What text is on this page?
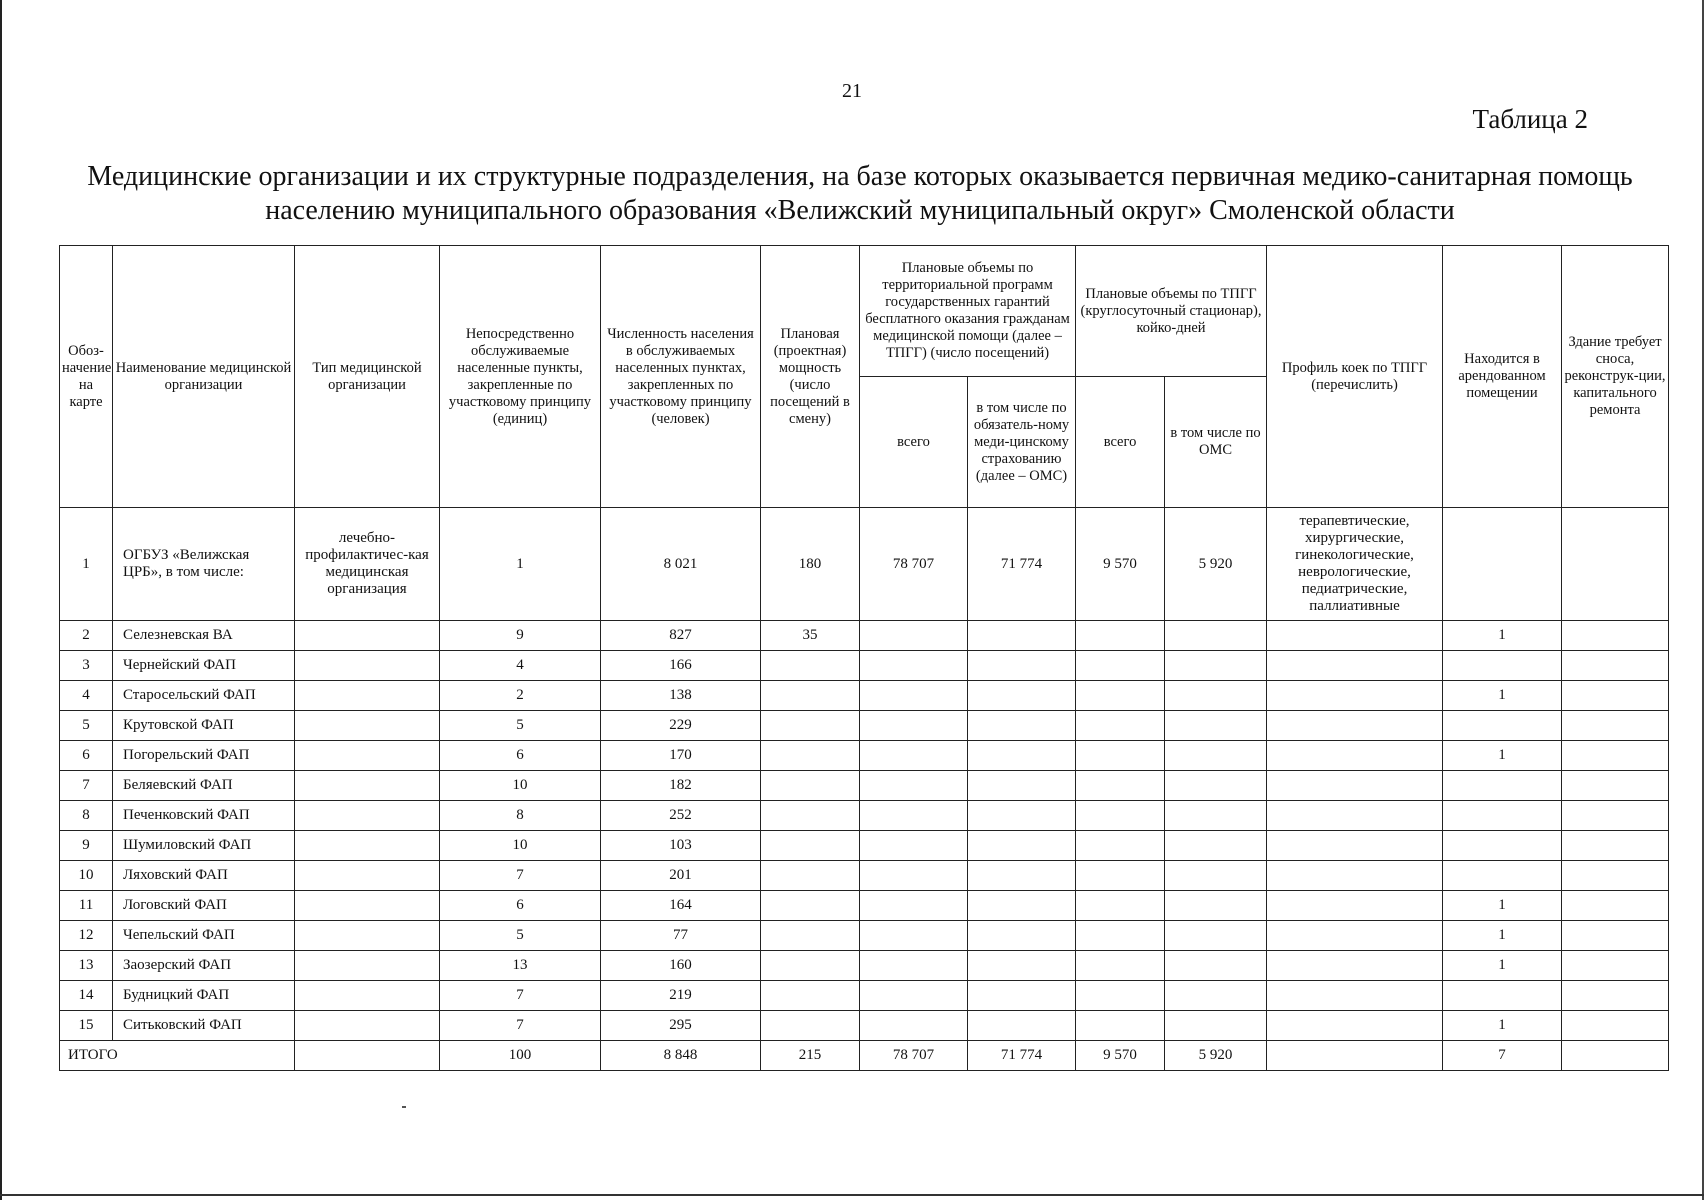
21
Таблица 2
Медицинские организации и их структурные подразделения, на базе которых оказывается первичная медико-санитарная помощь
населению муниципального образования «Велижский муниципальный округ» Смоленской области
Обоз-начение на карте	Наименование медицинской организации	Тип медицинской организации	Непосредственно обслуживаемые населенные пункты, закрепленные по участковому принципу (единиц)	Численность населения в обслуживаемых населенных пунктах, закрепленных по участковому принципу (человек)	Плановая (проектная) мощность (число посещений в смену)	Плановые объемы по территориальной программ государственных гарантий бесплатного оказания гражданам медицинской помощи (далее – ТПГГ) (число посещений)		Плановые объемы по ТПГГ (круглосуточный стационар), койко-дней		Профиль коек по ТПГГ (перечислить)	Находится в арендованном помещении	Здание требует сноса, реконструк-ции, капитального ремонта
						всего	в том числе по обязатель-ному меди-цинскому страхованию (далее – ОМС)	всего	в том числе по ОМС			
1	ОГБУЗ «Велижская ЦРБ», в том числе:	лечебно-профилактичес-кая медицинская организация	1	8 021	180	78 707	71 774	9 570	5 920	терапевтические, хирургические, гинекологические, неврологические, педиатрические, паллиативные		
2	Селезневская ВА		9	827	35						1	
3	Чернейский ФАП		4	166								
4	Старосельский ФАП		2	138							1	
5	Крутовской ФАП		5	229								
6	Погорельский ФАП		6	170							1	
7	Беляевский ФАП		10	182								
8	Печенковский ФАП		8	252								
9	Шумиловский ФАП		10	103								
10	Ляховский ФАП		7	201								
11	Логовский ФАП		6	164							1	
12	Чепельский ФАП		5	77							1	
13	Заозерский ФАП		13	160							1	
14	Будницкий ФАП		7	219								
15	Ситьковский ФАП		7	295							1	
ИТОГО			100	8 848	215	78 707	71 774	9 570	5 920		7	
